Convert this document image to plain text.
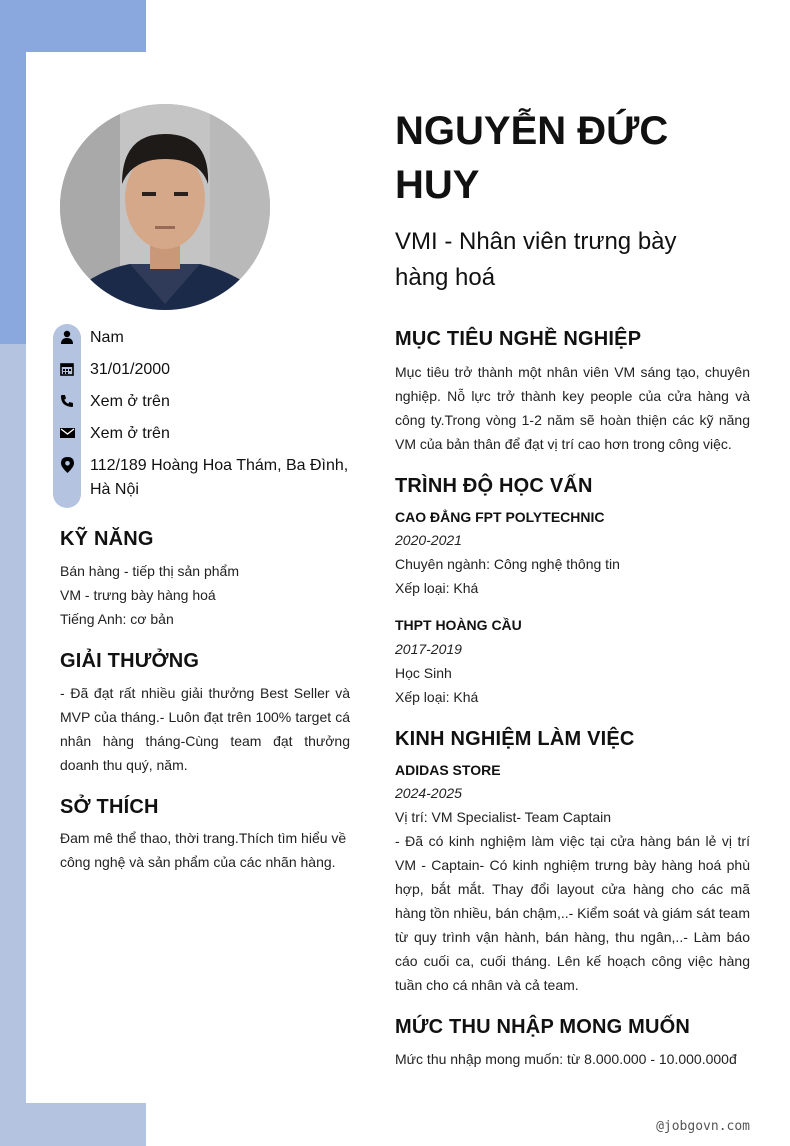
Nam
31/01/2000
Xem ở trên
Xem ở trên
112/189 Hoàng Hoa Thám, Ba Đình, Hà Nội
KỸ NĂNG
Bán hàng - tiếp thị sản phẩm
VM - trưng bày hàng hoá
Tiếng Anh: cơ bản
GIẢI THƯỞNG
- Đã đạt rất nhiều giải thưởng Best Seller và MVP của tháng.- Luôn đạt trên 100% target cá nhân hàng tháng-Cùng team đạt thưởng doanh thu quý, năm.
SỞ THÍCH
Đam mê thể thao, thời trang.Thích tìm hiểu về công nghệ và sản phẩm của các nhãn hàng.
NGUYỄN ĐỨC HUY
VMI - Nhân viên trưng bày hàng hoá
MỤC TIÊU NGHỀ NGHIỆP
Mục tiêu trở thành một nhân viên VM sáng tạo, chuyên nghiệp. Nỗ lực trở thành key people của cửa hàng và công ty.Trong vòng 1-2 năm sẽ hoàn thiện các kỹ năng VM của bản thân để đạt vị trí cao hơn trong công việc.
TRÌNH ĐỘ HỌC VẤN
CAO ĐẲNG FPT POLYTECHNIC
2020-2021
Chuyên ngành: Công nghệ thông tin
Xếp loại: Khá
THPT HOÀNG CẦU
2017-2019
Học Sinh
Xếp loại: Khá
KINH NGHIỆM LÀM VIỆC
ADIDAS STORE
2024-2025
Vị trí: VM Specialist- Team Captain
- Đã có kinh nghiệm làm việc tại cửa hàng bán lẻ vị trí VM - Captain- Có kinh nghiệm trưng bày hàng hoá phù hợp, bắt mắt. Thay đổi layout cửa hàng cho các mã hàng tồn nhiều, bán chậm,..- Kiểm soát và giám sát team từ quy trình vận hành, bán hàng, thu ngân,..- Làm báo cáo cuối ca, cuối tháng. Lên kế hoạch công việc hàng tuần cho cá nhân và cả team.
MỨC THU NHẬP MONG MUỐN
Mức thu nhập mong muốn: từ 8.000.000 - 10.000.000đ
@jobgovn.com
